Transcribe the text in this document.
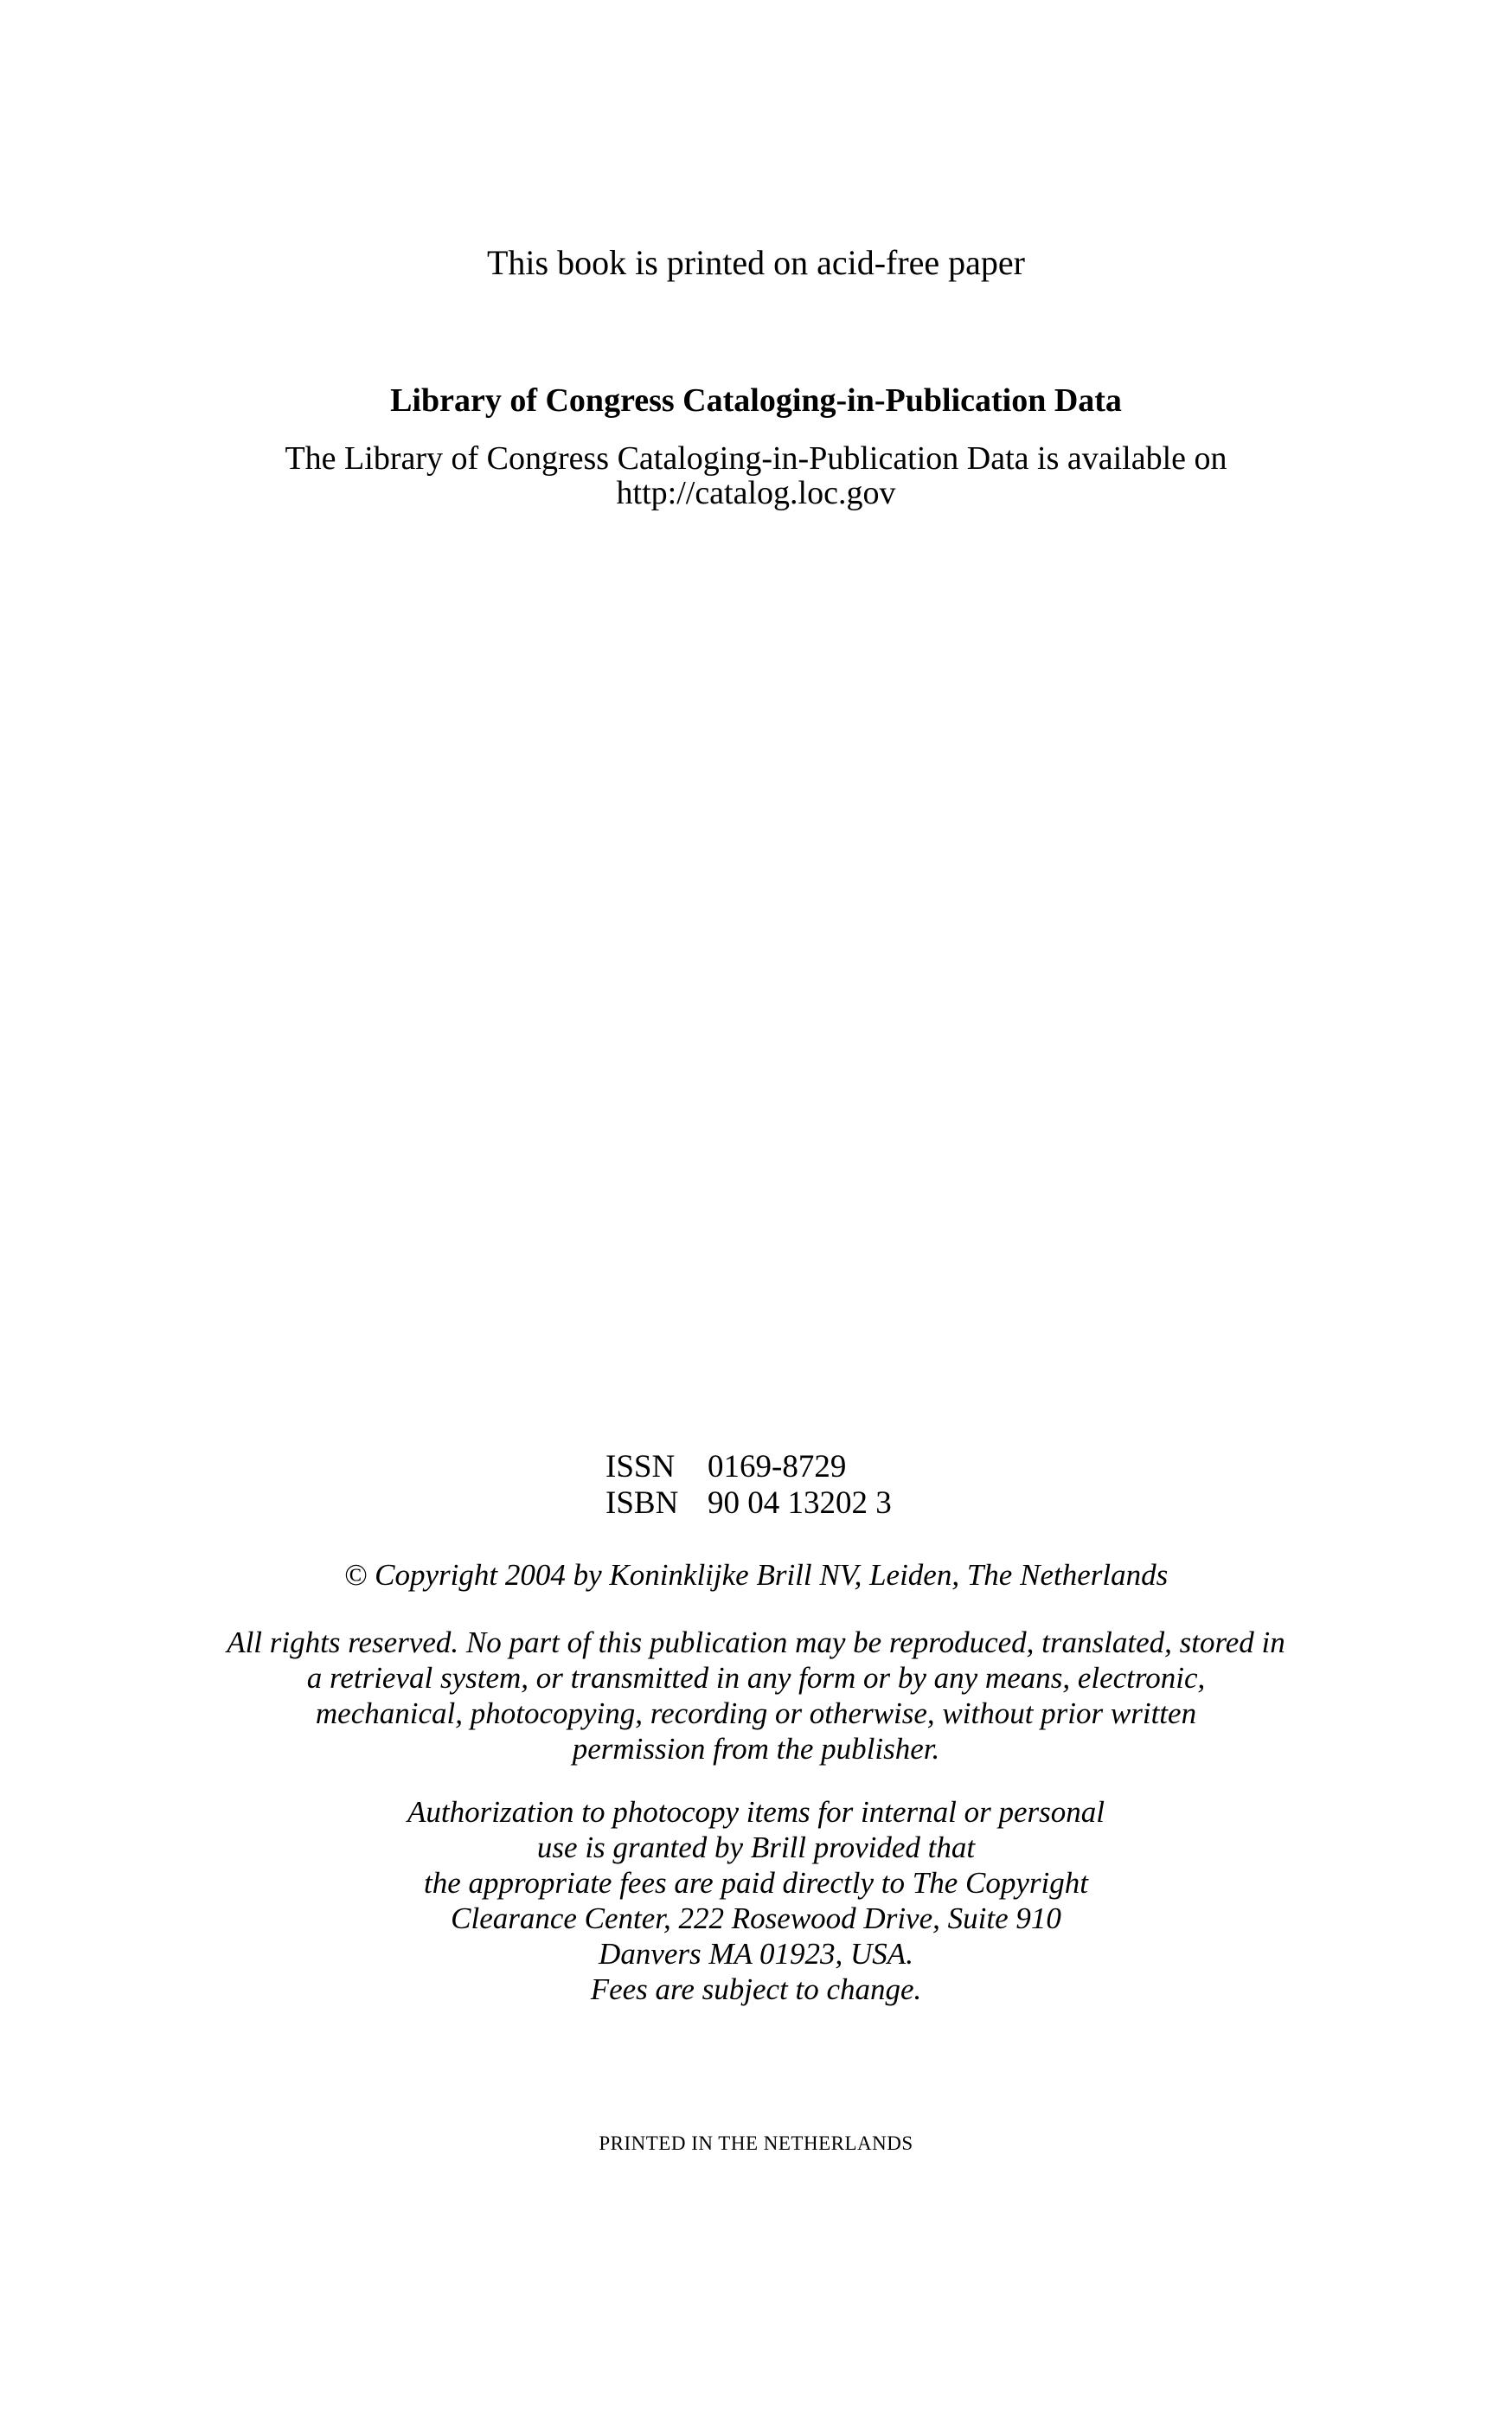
This book is printed on acid-free paper
Library of Congress Cataloging-in-Publication Data
The Library of Congress Cataloging-in-Publication Data is available on
http://catalog.loc.gov
ISSN	0169-8729
ISBN 90 04 13202 3
© Copyright 2004 by Koninklijke Brill NV, Leiden, The Netherlands
All rights reserved. No part of this publication may be reproduced, translated, stored in
a retrieval system, or transmitted in any form or by any means, electronic,
mechanical, photocopying, recording or otherwise, without prior written
permission from the publisher.
Authorization to photocopy items for internal or personal
use is granted by Brill provided that
the appropriate fees are paid directly to The Copyright
Clearance Center, 222 Rosewood Drive, Suite 910
Danvers MA 01923, USA.
Fees are subject to change.
PRINTED IN THE NETHERLANDS
